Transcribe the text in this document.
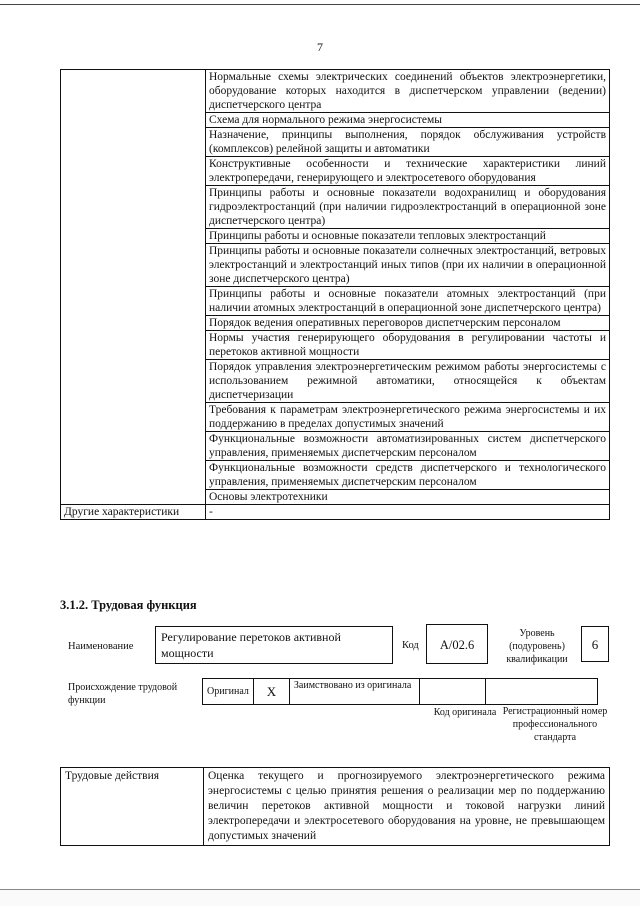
7

	Нормальные схемы электрических соединений объектов электроэнергетики, оборудование которых находится в диспетчерском управлении (ведении) диспетчерского центра

	Схема для нормального режима энергосистемы

	Назначение, принципы выполнения, порядок обслуживания устройств (комплексов) релейной защиты и автоматики

	Конструктивные особенности и технические характеристики линий электропередачи, генерирующего и электросетевого оборудования

	Принципы работы и основные показатели водохранилищ и оборудования гидроэлектростанций (при наличии гидроэлектростанций в операционной зоне диспетчерского центра)

	Принципы работы и основные показатели тепловых электростанций

	Принципы работы и основные показатели солнечных электростанций, ветровых электростанций и электростанций иных типов (при их наличии в операционной зоне диспетчерского центра)

	Принципы работы и основные показатели атомных электростанций (при наличии атомных электростанций в операционной зоне диспетчерского центра)

	Порядок ведения оперативных переговоров диспетчерским персоналом

	Нормы участия генерирующего оборудования в регулировании частоты и перетоков активной мощности

	Порядок управления электроэнергетическим режимом работы энергосистемы с использованием режимной автоматики, относящейся к объектам диспетчеризации

	Требования к параметрам электроэнергетического режима энергосистемы и их поддержанию в пределах допустимых значений

	Функциональные возможности автоматизированных систем диспетчерского управления, применяемых диспетчерским персоналом

	Функциональные возможности средств диспетчерского и технологического управления, применяемых диспетчерским персоналом

	Основы электротехники

Другие характеристики	-
3.1.2. Трудовая функция
Наименование
Регулирование перетоков активной мощности
Код	A/02.6
Уровень (подуровень) квалификации
6
Происхождение трудовой функции
Оригинал	X	Заимствовано из оригинала		
Код оригинала Регистрационный номер профессионального стандарта
Трудовые действия	Оценка текущего и прогнозируемого электроэнергетического режима энергосистемы с целью принятия решения о реализации мер по поддержанию величин перетоков активной мощности и токовой нагрузки линий электропередачи и электросетевого оборудования на уровне, не превышающем допустимых значений
